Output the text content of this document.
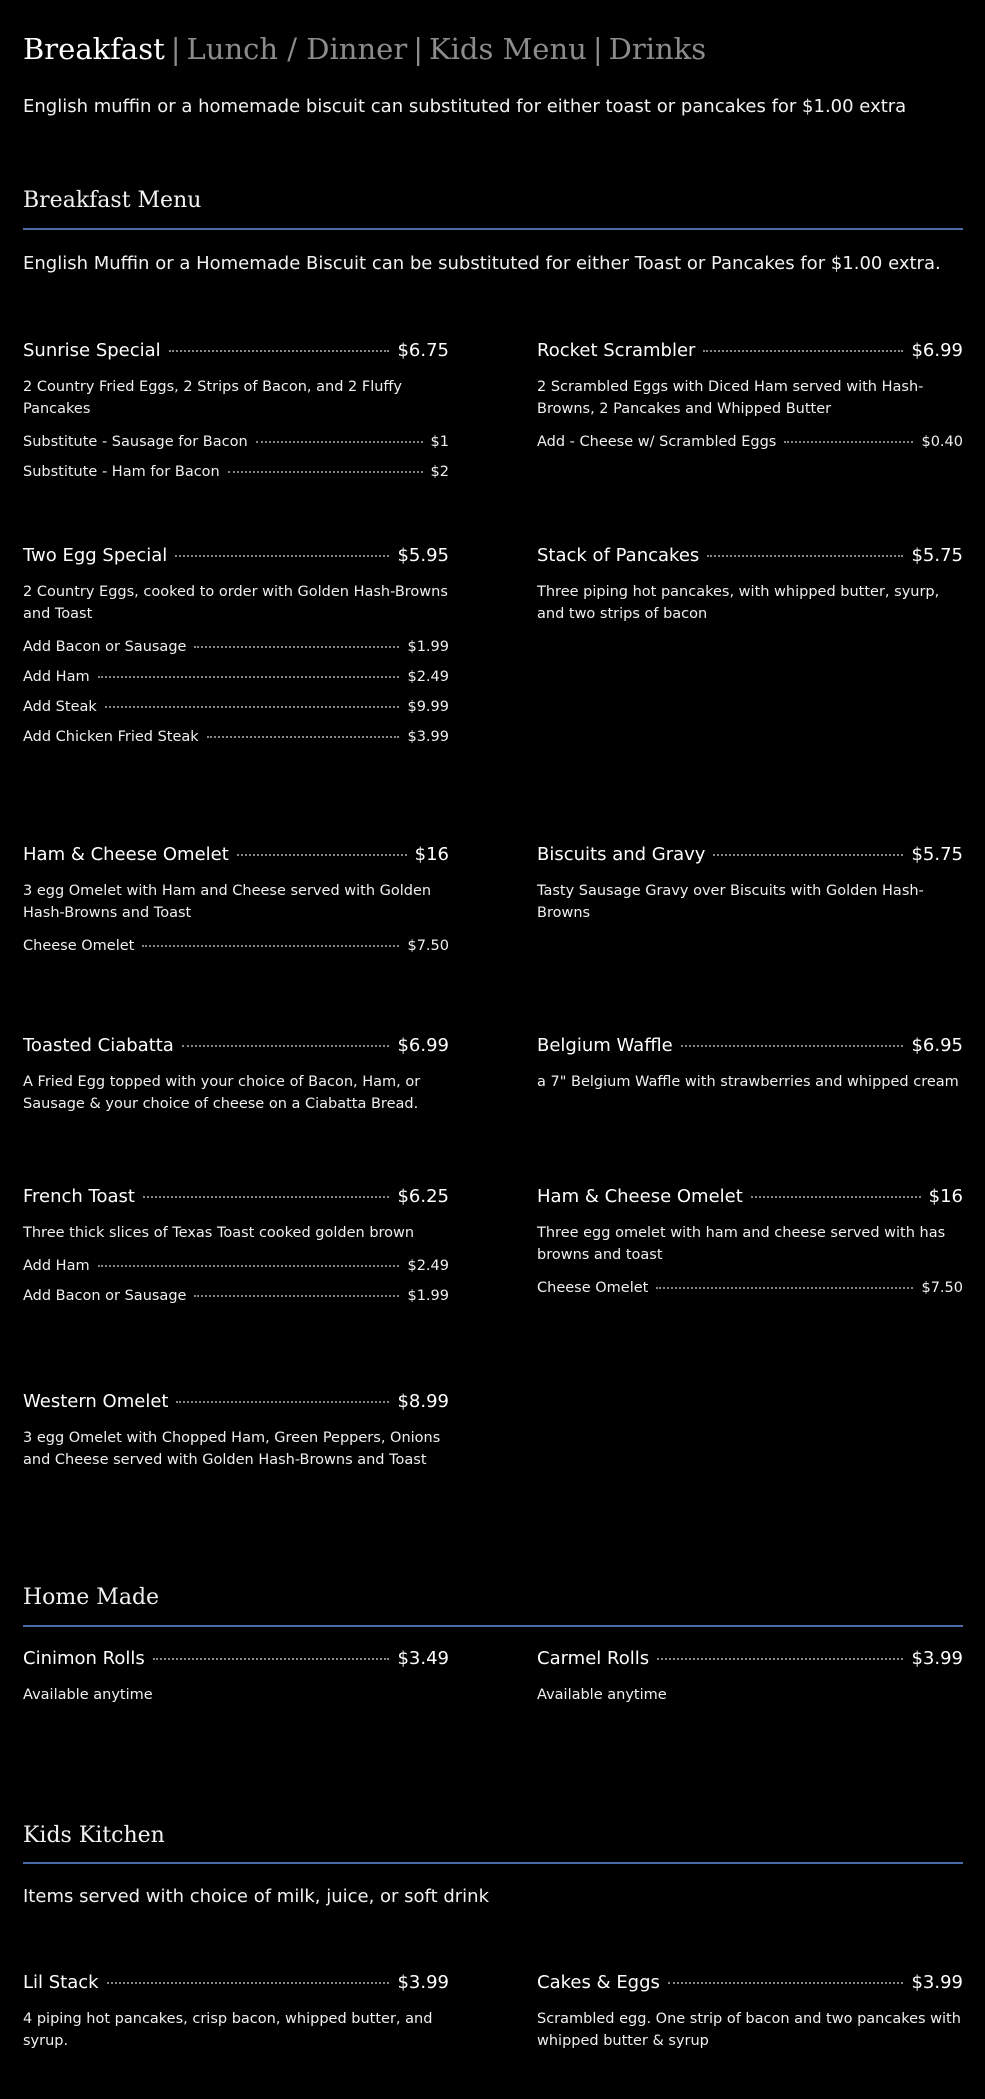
Breakfast | Lunch / Dinner | Kids Menu | Drinks
English muffin or a homemade biscuit can substituted for either toast or pancakes for $1.00 extra
Breakfast Menu
English Muffin or a Homemade Biscuit can be substituted for either Toast or Pancakes for $1.00 extra.
Home Made
Kids Kitchen
Items served with choice of milk, juice, or soft drink
Sunrise Special	$6.75
2 Country Fried Eggs, 2 Strips of Bacon, and 2 Fluffy Pancakes
Substitute - Sausage for Bacon	$1
Substitute - Ham for Bacon	$2
Rocket Scrambler	$6.99
2 Scrambled Eggs with Diced Ham served with Hash-Browns, 2 Pancakes and Whipped Butter
Add - Cheese w/ Scrambled Eggs	$0.40
Two Egg Special	$5.95
2 Country Eggs, cooked to order with Golden Hash-Browns and Toast
Add Bacon or Sausage	$1.99
Add Ham	$2.49
Add Steak	$9.99
Add Chicken Fried Steak	$3.99
Stack of Pancakes	$5.75
Three piping hot pancakes, with whipped butter, syurp, and two strips of bacon
Ham & Cheese Omelet	$16
3 egg Omelet with Ham and Cheese served with Golden Hash-Browns and Toast
Cheese Omelet	$7.50
Biscuits and Gravy	$5.75
Tasty Sausage Gravy over Biscuits with Golden Hash-Browns
Toasted Ciabatta	$6.99
A Fried Egg topped with your choice of Bacon, Ham, or Sausage & your choice of cheese on a Ciabatta Bread.
Belgium Waffle	$6.95
a 7" Belgium Waffle with strawberries and whipped cream
French Toast	$6.25
Three thick slices of Texas Toast cooked golden brown
Add Ham	$2.49
Add Bacon or Sausage	$1.99
Ham & Cheese Omelet	$16
Three egg omelet with ham and cheese served with has browns and toast
Cheese Omelet	$7.50
Western Omelet	$8.99
3 egg Omelet with Chopped Ham, Green Peppers, Onions and Cheese served with Golden Hash-Browns and Toast
Cinimon Rolls	$3.49
Available anytime
Carmel Rolls	$3.99
Available anytime
Lil Stack	$3.99
4 piping hot pancakes, crisp bacon, whipped butter, and syrup.
Cakes & Eggs	$3.99
Scrambled egg. One strip of bacon and two pancakes with whipped butter & syrup
